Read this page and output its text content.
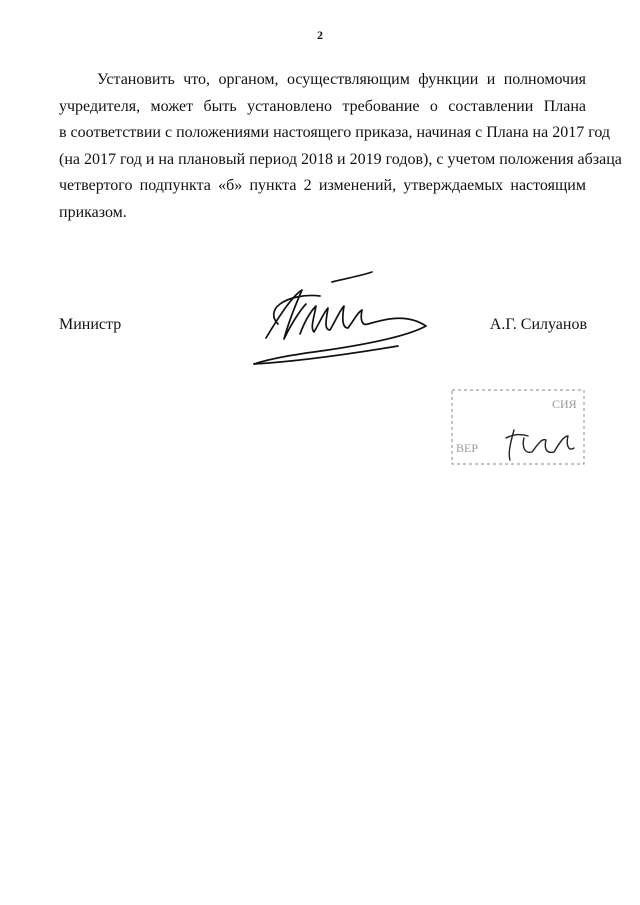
2
Установить что, органом, осуществляющим функции и полномочия
учредителя, может быть установлено требование о составлении Плана
в соответствии с положениями настоящего приказа, начиная с Плана на 2017 год
(на 2017 год и на плановый период 2018 и 2019 годов), с учетом положения абзаца
четвертого подпункта «б» пункта 2 изменений, утверждаемых настоящим
приказом.
Министр	А.Г. Силуанов
СИЯ
ВЕР
